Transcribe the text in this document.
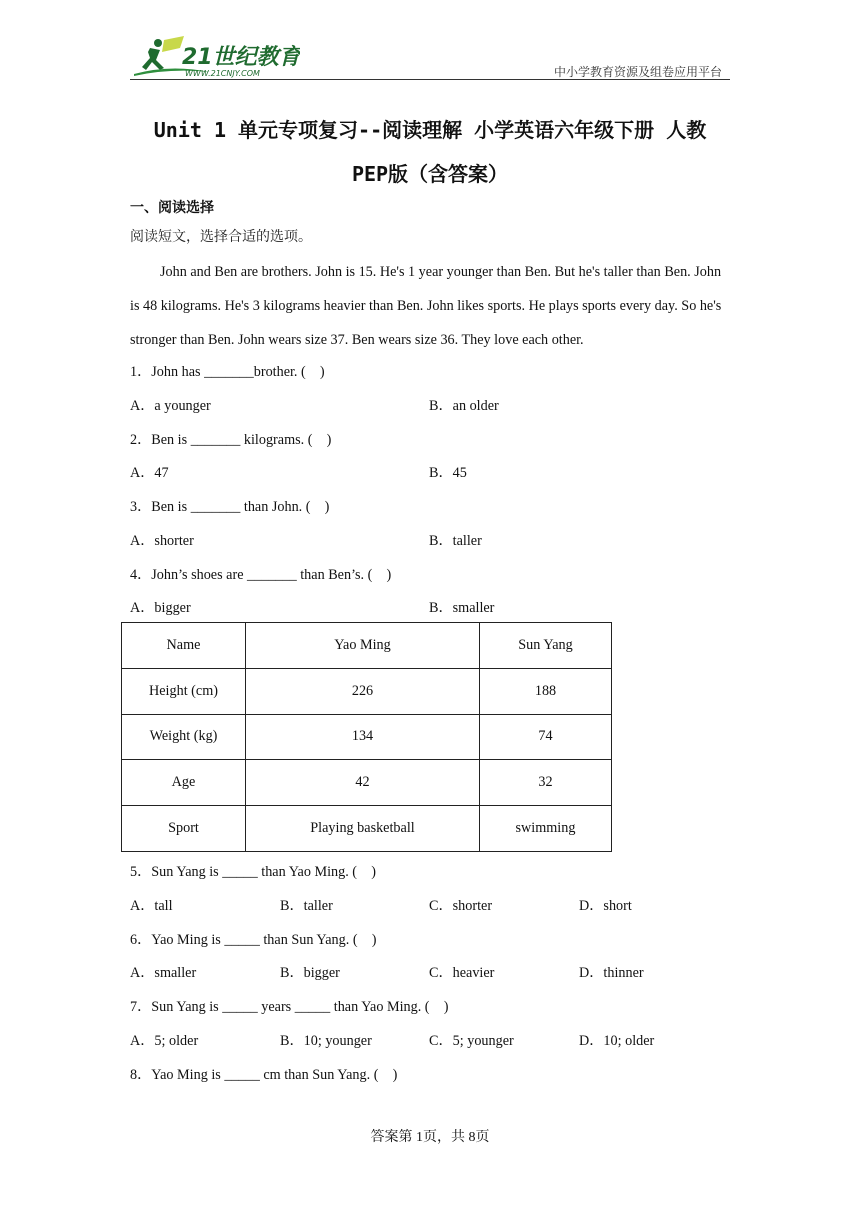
21世纪教育
WWW.21CNJY.COM	中小学教育资源及组卷应用平台
Unit 1 单元专项复习--阅读理解 小学英语六年级下册 人教
PEP版（含答案）
一、阅读选择
阅读短文，选择合适的选项。
John and Ben are brothers. John is 15. He's 1 year younger than Ben. But he's taller than Ben. John is 48 kilograms. He's 3 kilograms heavier than Ben. John likes sports. He plays sports every day. So he's stronger than Ben. John wears size 37. Ben wears size 36. They love each other.
1．John has _______brother. (    )
A．a younger	B．an older
2．Ben is _______ kilograms. (    )
A．47	B．45
3．Ben is _______ than John. (    )
A．shorter	B．taller
4．John’s shoes are _______ than Ben’s. (    )
A．bigger	B．smaller
Name	Yao Ming	Sun Yang
Height (cm)	226	188
Weight (kg)	134	74
Age	42	32
Sport	Playing basketball	swimming
5．Sun Yang is _____ than Yao Ming. (    )
A．tall	B．taller	C．shorter	D．short
6．Yao Ming is _____ than Sun Yang. (    )
A．smaller	B．bigger	C．heavier	D．thinner
7．Sun Yang is _____ years _____ than Yao Ming. (    )
A．5; older	B．10; younger	C．5; younger	D．10; older
8．Yao Ming is _____ cm than Sun Yang. (    )
答案第 1页，共 8页
